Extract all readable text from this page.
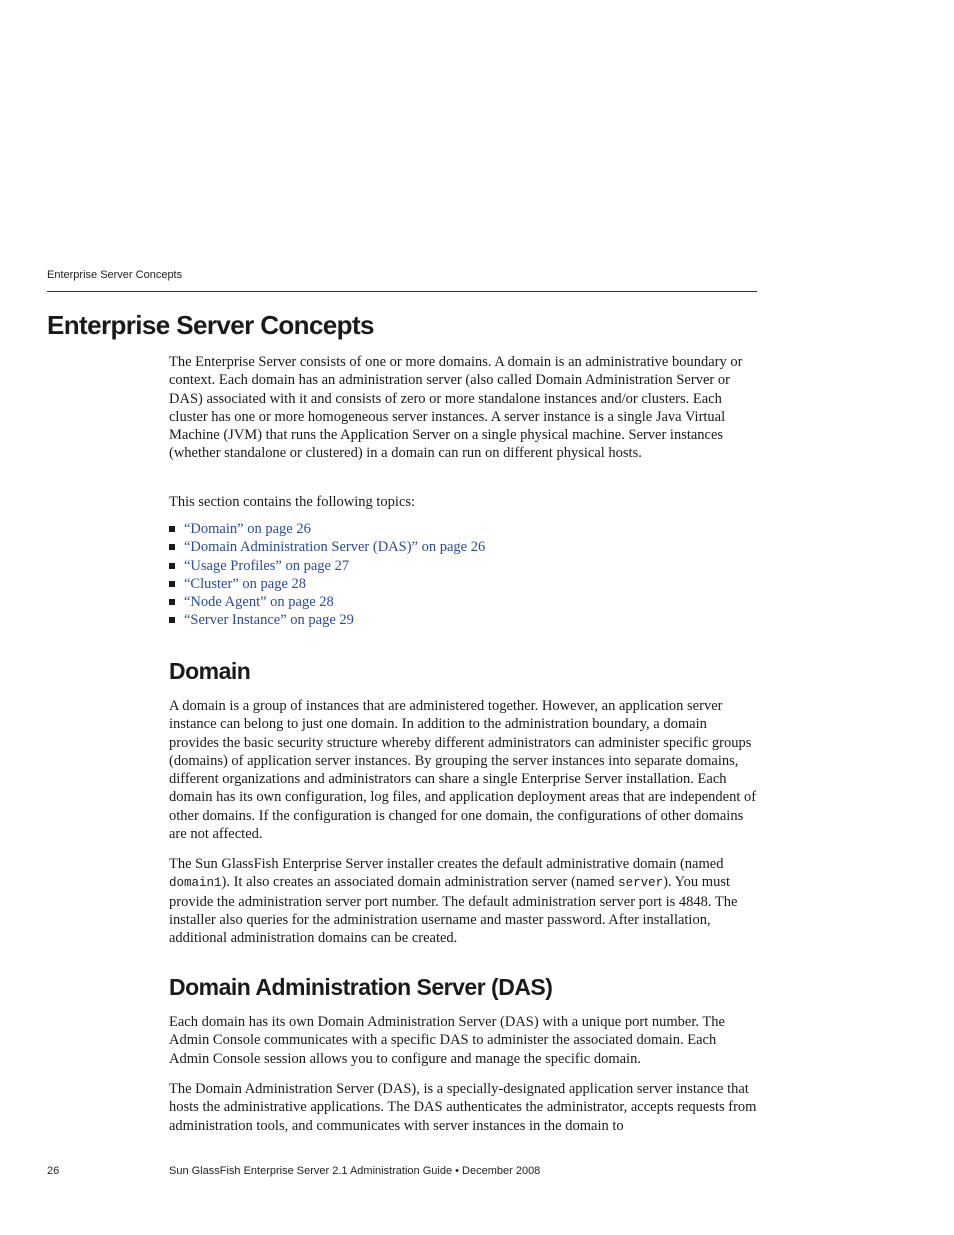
Enterprise Server Concepts
Enterprise Server Concepts

The Enterprise Server consists of one or more domains. A domain is an administrative boundary or context. Each domain has an administration server (also called Domain Administration Server or DAS) associated with it and consists of zero or more standalone instances and/or clusters. Each cluster has one or more homogeneous server instances. A server instance is a single Java Virtual Machine (JVM) that runs the Application Server on a single physical machine. Server instances (whether standalone or clustered) in a domain can run on different physical hosts.

This section contains the following topics:

“Domain” on page 26
“Domain Administration Server (DAS)” on page 26
“Usage Profiles” on page 27
“Cluster” on page 28
“Node Agent” on page 28
“Server Instance” on page 29
Domain

A domain is a group of instances that are administered together. However, an application server instance can belong to just one domain. In addition to the administration boundary, a domain provides the basic security structure whereby different administrators can administer specific groups (domains) of application server instances. By grouping the server instances into separate domains, different organizations and administrators can share a single Enterprise Server installation. Each domain has its own configuration, log files, and application deployment areas that are independent of other domains. If the configuration is changed for one domain, the configurations of other domains are not affected.

The Sun GlassFish Enterprise Server installer creates the default administrative domain (named domain1). It also creates an associated domain administration server (named server). You must provide the administration server port number. The default administration server port is 4848. The installer also queries for the administration username and master password. After installation, additional administration domains can be created.

Domain Administration Server (DAS)

Each domain has its own Domain Administration Server (DAS) with a unique port number. The Admin Console communicates with a specific DAS to administer the associated domain. Each Admin Console session allows you to configure and manage the specific domain.

The Domain Administration Server (DAS), is a specially-designated application server instance that hosts the administrative applications. The DAS authenticates the administrator, accepts requests from administration tools, and communicates with server instances in the domain to

26	Sun GlassFish Enterprise Server 2.1 Administration Guide • December 2008
